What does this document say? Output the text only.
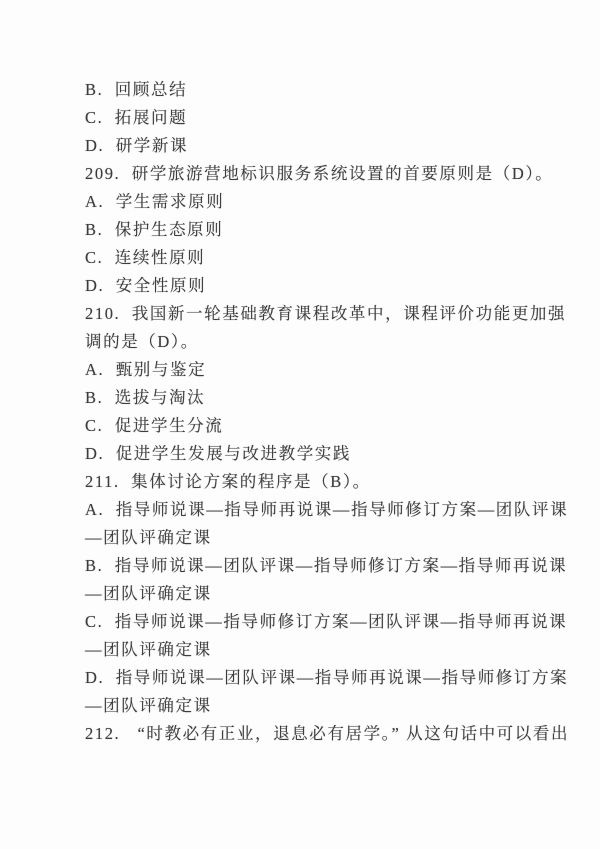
B.  回顾总结
C.  拓展问题
D.  研学新课
209.  研学旅游营地标识服务系统设置的首要原则是（D）。
A.  学生需求原则
B.  保护生态原则
C.  连续性原则
D.  安全性原则
210.  我国新一轮基础教育课程改革中，课程评价功能更加强
调的是（D）。
A.  甄别与鉴定
B.  选拔与淘汰
C.  促进学生分流
D.  促进学生发展与改进教学实践
211.  集体讨论方案的程序是（B）。
A.  指导师说课—指导师再说课—指导师修订方案—团队评课
—团队评确定课
B.  指导师说课—团队评课—指导师修订方案—指导师再说课
—团队评确定课
C.  指导师说课—指导师修订方案—团队评课—指导师再说课
—团队评确定课
D.  指导师说课—团队评课—指导师再说课—指导师修订方案
—团队评确定课
212.   “时教必有正业，退息必有居学。” 从这句话中可以看出
